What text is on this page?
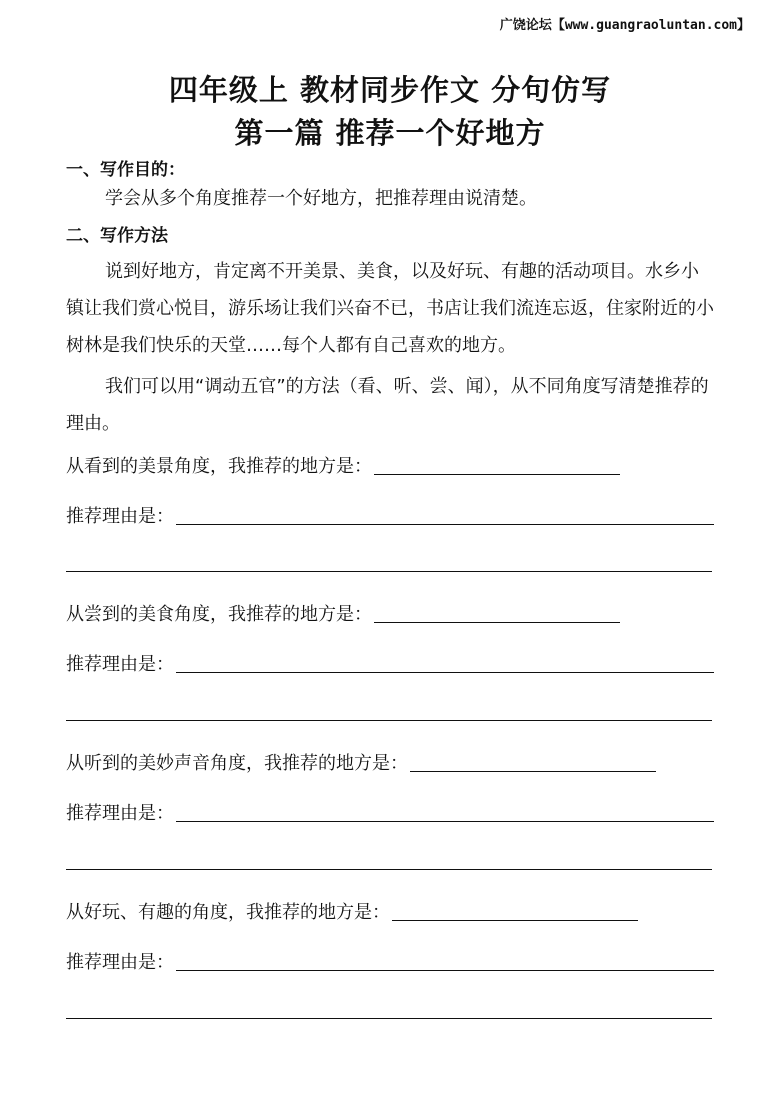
广饶论坛【www.guangraoluntan.com】
四年级上 教材同步作文 分句仿写
第一篇 推荐一个好地方
一、写作目的：
学会从多个角度推荐一个好地方，把推荐理由说清楚。
二、写作方法
说到好地方，肯定离不开美景、美食，以及好玩、有趣的活动项目。水乡小镇让我们赏心悦目，游乐场让我们兴奋不已，书店让我们流连忘返，住家附近的小树林是我们快乐的天堂……每个人都有自己喜欢的地方。
我们可以用“调动五官”的方法（看、听、尝、闻），从不同角度写清楚推荐的理由。
从看到的美景角度，我推荐的地方是：
推荐理由是：
从尝到的美食角度，我推荐的地方是：
推荐理由是：
从听到的美妙声音角度，我推荐的地方是：
推荐理由是：
从好玩、有趣的角度，我推荐的地方是：
推荐理由是：
